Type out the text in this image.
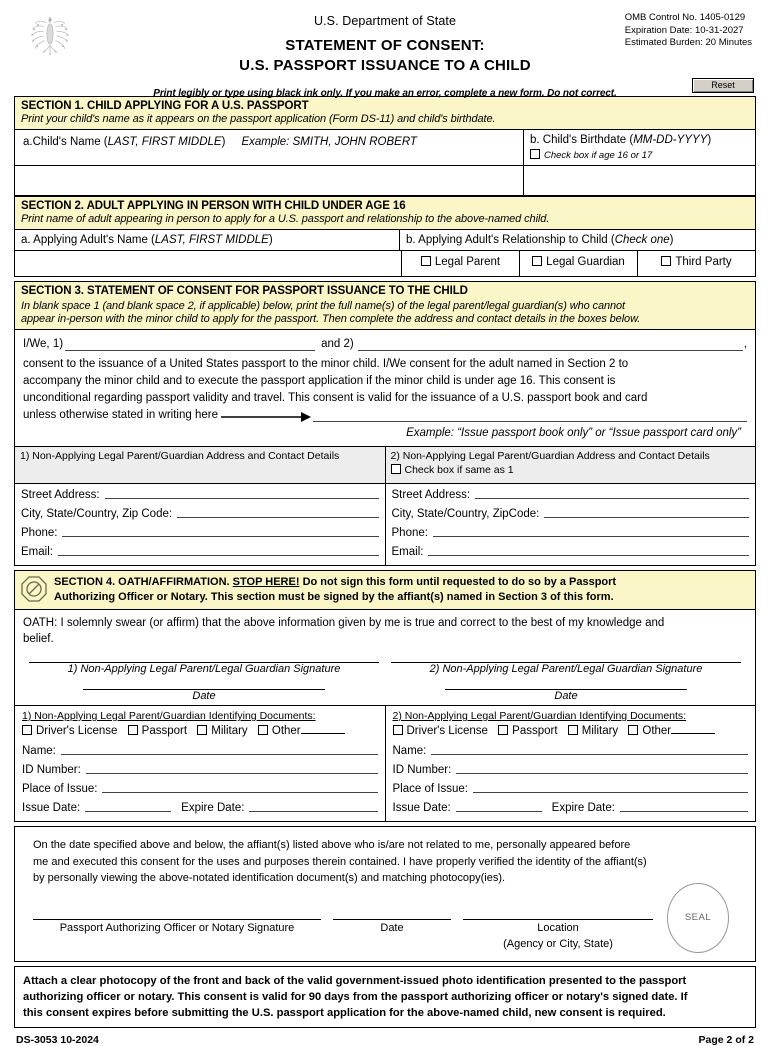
U.S. Department of State
STATEMENT OF CONSENT:
U.S. PASSPORT ISSUANCE TO A CHILD
OMB Control No. 1405-0129
Expiration Date: 10-31-2027
Estimated Burden: 20 Minutes
Print legibly or type using black ink only. If you make an error, complete a new form. Do not correct.
Reset
SECTION 1. CHILD APPLYING FOR A U.S. PASSPORT
Print your child's name as it appears on the passport application (Form DS-11) and child's birthdate.
a.Child's Name (LAST, FIRST MIDDLE) Example: SMITH, JOHN ROBERT	b. Child's Birthdate (MM-DD-YYYY)
Check box if age 16 or 17
SECTION 2. ADULT APPLYING IN PERSON WITH CHILD UNDER AGE 16
Print name of adult appearing in person to apply for a U.S. passport and relationship to the above-named child.
a. Applying Adult's Name (LAST, FIRST MIDDLE)	b. Applying Adult's Relationship to Child (Check one)
Legal Parent	Legal Guardian	Third Party
SECTION 3. STATEMENT OF CONSENT FOR PASSPORT ISSUANCE TO THE CHILD
In blank space 1 (and blank space 2, if applicable) below, print the full name(s) of the legal parent/legal guardian(s) who cannot
appear in-person with the minor child to apply for the passport. Then complete the address and contact details in the boxes below.
I/We, 1)	and 2)	,
consent to the issuance of a United States passport to the minor child. I/We consent for the adult named in Section 2 to
accompany the minor child and to execute the passport application if the minor child is under age 16. This consent is
unconditional regarding passport validity and travel. This consent is valid for the issuance of a U.S. passport book and card
unless otherwise stated in writing here
Example: “Issue passport book only” or “Issue passport card only”
1) Non-Applying Legal Parent/Guardian Address and Contact Details
Street Address:
City, State/Country, Zip Code:
Phone:
Email:
2) Non-Applying Legal Parent/Guardian Address and Contact Details
Check box if same as 1
Street Address:
City, State/Country, ZipCode:
Phone:
Email:
SECTION 4. OATH/AFFIRMATION. STOP HERE! Do not sign this form until requested to do so by a Passport
Authorizing Officer or Notary. This section must be signed by the affiant(s) named in Section 3 of this form.
OATH: I solemnly swear (or affirm) that the above information given by me is true and correct to the best of my knowledge and
belief.
1) Non-Applying Legal Parent/Legal Guardian Signature	2) Non-Applying Legal Parent/Legal Guardian Signature
Date	Date
1) Non-Applying Legal Parent/Guardian Identifying Documents:
Driver's License Passport Military Other
Name:
ID Number:
Place of Issue:
Issue Date:	Expire Date:
2) Non-Applying Legal Parent/Guardian Identifying Documents:
Driver's License Passport Military Other
Name:
ID Number:
Place of Issue:
Issue Date:	Expire Date:
On the date specified above and below, the affiant(s) listed above who is/are not related to me, personally appeared before
me and executed this consent for the uses and purposes therein contained. I have properly verified the identity of the affiant(s)
by personally viewing the above-notated identification document(s) and matching photocopy(ies).
Passport Authorizing Officer or Notary Signature	Date	Location
(Agency or City, State)
SEAL
Attach a clear photocopy of the front and back of the valid government-issued photo identification presented to the passport
authorizing officer or notary. This consent is valid for 90 days from the passport authorizing officer or notary's signed date. If
this consent expires before submitting the U.S. passport application for the above-named child, new consent is required.
DS-3053 10-2024	Page 2 of 2
